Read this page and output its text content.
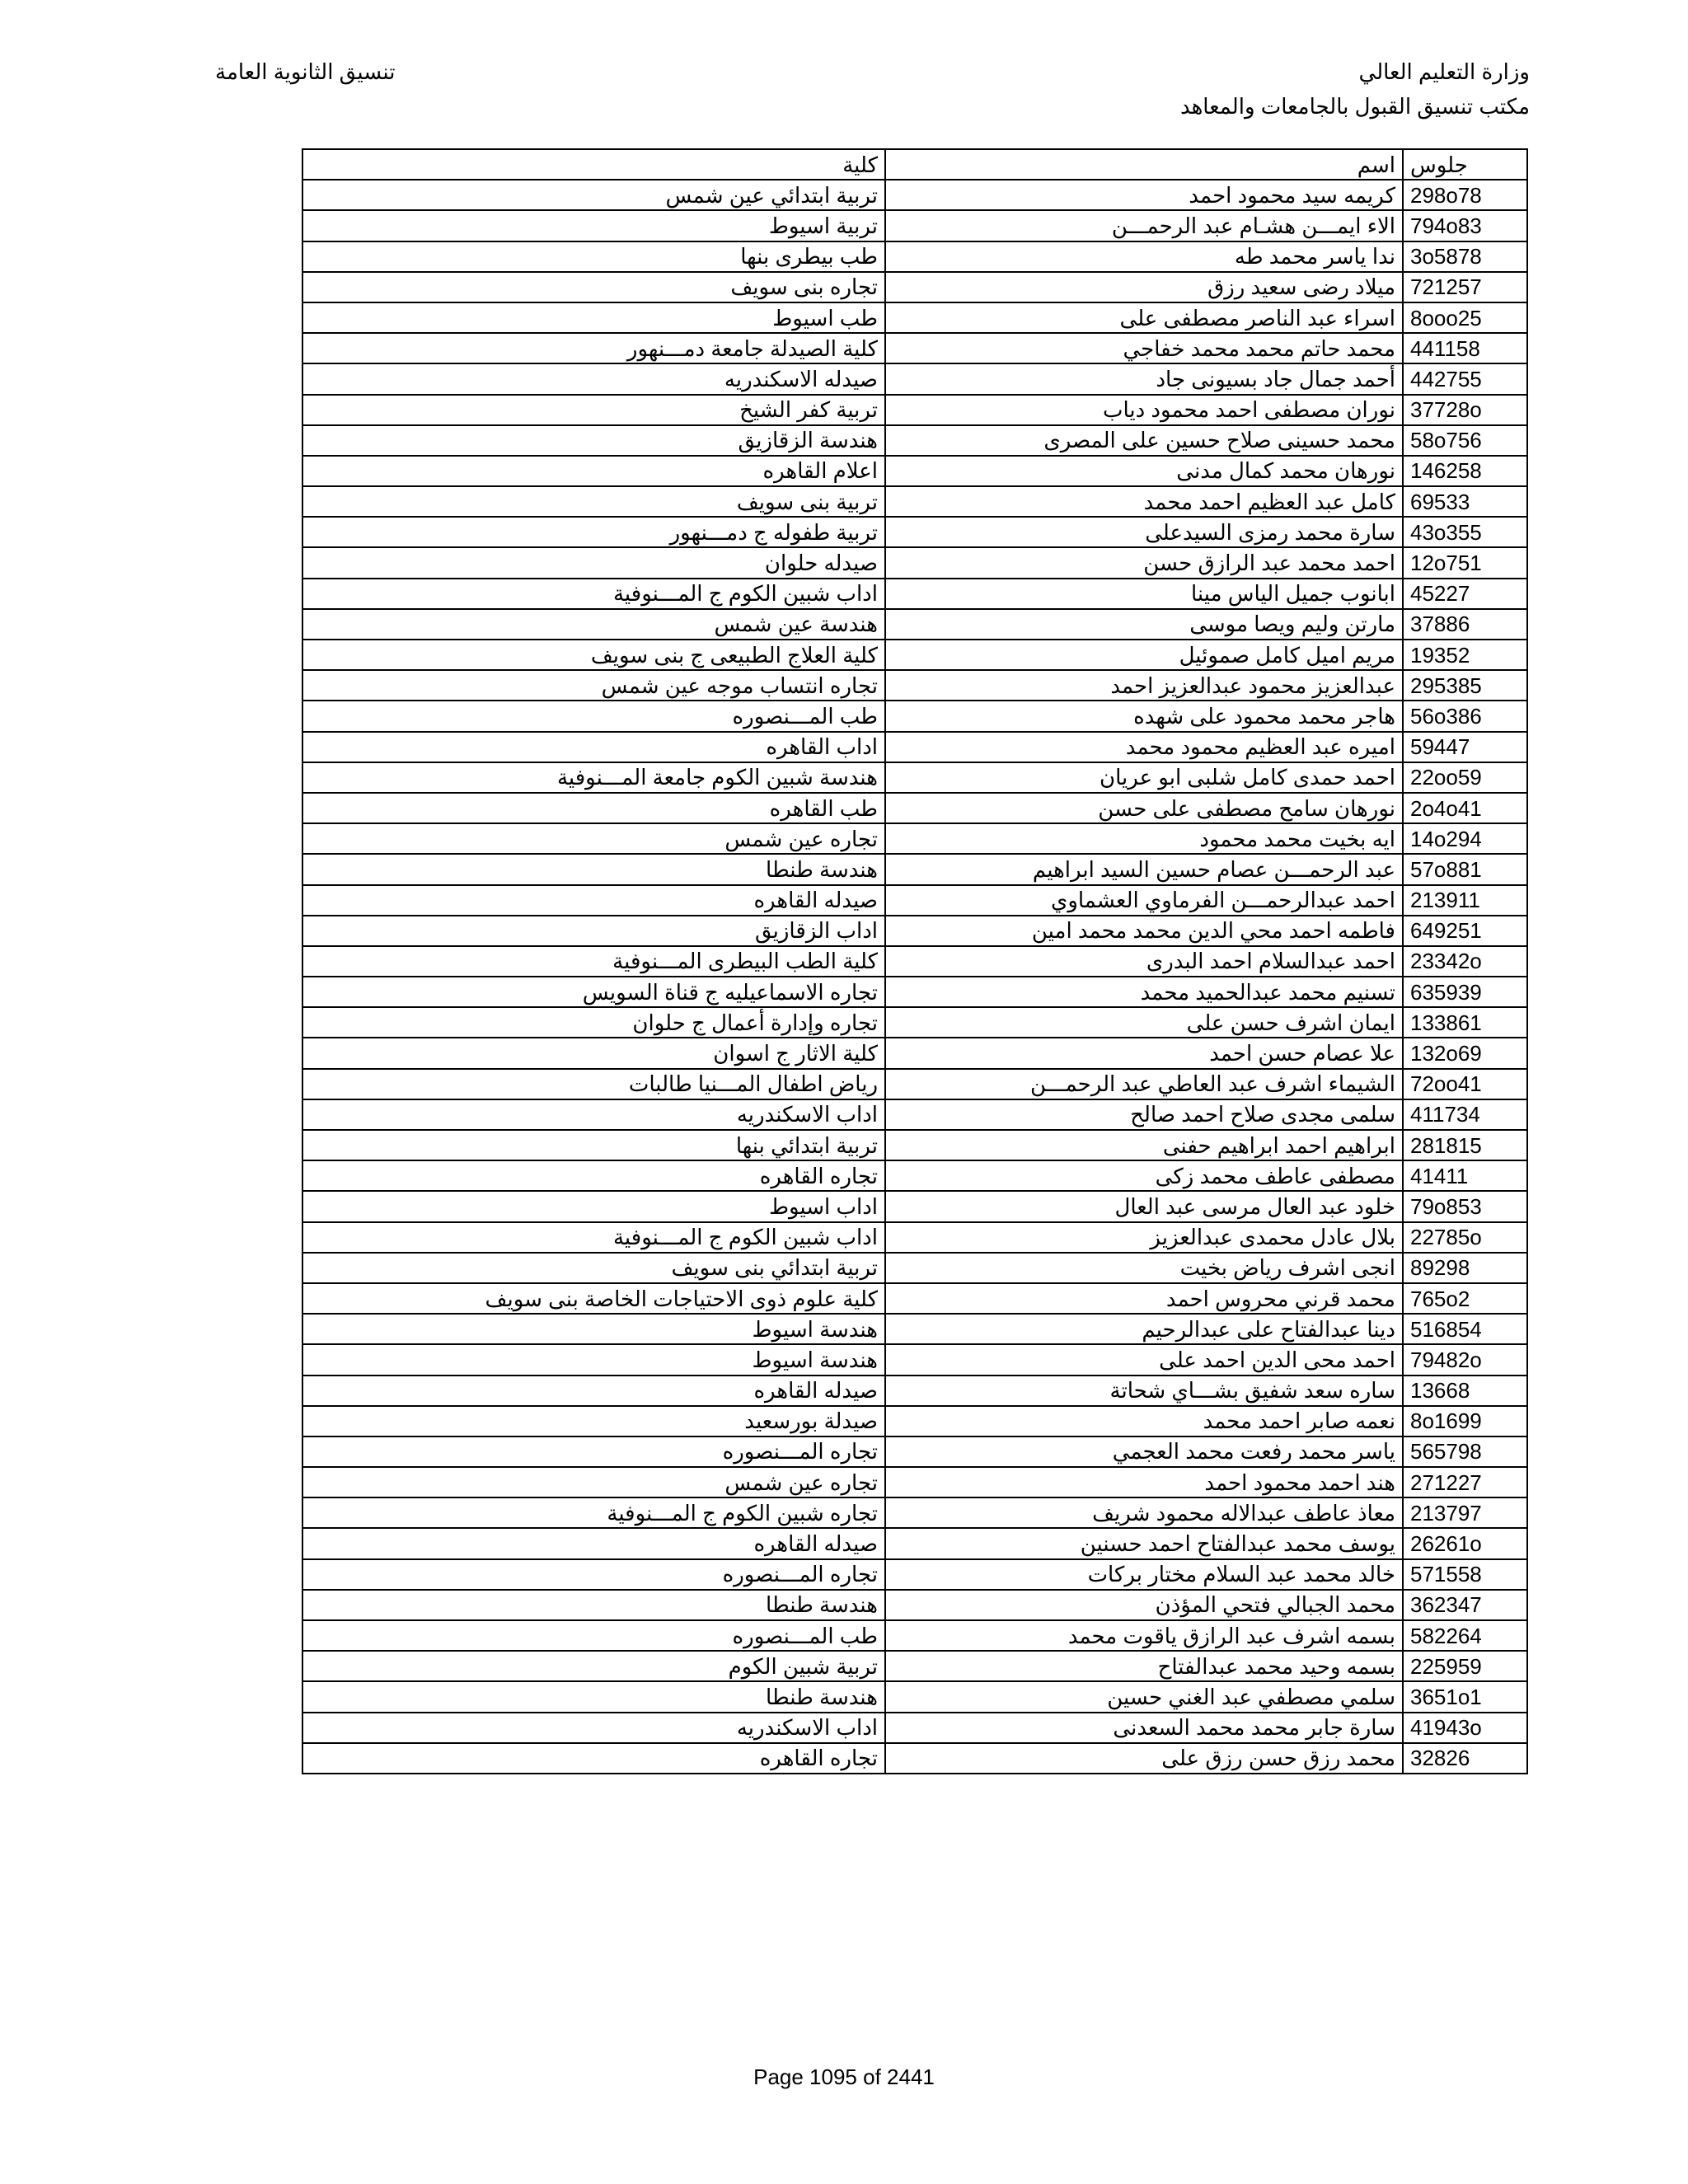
وزارة التعليم العالي
مكتب تنسيق القبول بالجامعات والمعاهد
تنسيق الثانوية العامة
كلية	اسم	جلوس
تربية ابتدائي عين شمس	كريمه سيد محمود احمد	298o78
تربية اسيوط	الاء ايمـــن هشـام عبد الرحمـــن	794o83
طب بيطرى بنها	ندا ياسر محمد طه	3o5878
تجاره بنى سويف	ميلاد رضى سعيد رزق	721257
طب اسيوط	اسراء عبد الناصر مصطفى على	8ooo25
كلية الصيدلة جامعة دمـــنهور	محمد حاتم محمد محمد خفاجي	441158
صيدله الاسكندريه	أحمد جمال جاد بسيونى جاد	442755
تربية كفر الشيخ	نوران مصطفى احمد محمود دياب	37728o
هندسة الزقازيق	محمد حسينى صلاح حسين على المصرى	58o756
اعلام القاهره	نورهان محمد كمال مدنى	146258
تربية بنى سويف	كامل عبد العظيم احمد محمد	69533
تربية طفوله ج دمـــنهور	سارة محمد رمزى السيدعلى	43o355
صيدله حلوان	احمد محمد عبد الرازق حسن	12o751
اداب شبين الكوم ج المـــنوفية	ابانوب جميل الياس مينا	45227
هندسة عين شمس	مارتن وليم ويصا موسى	37886
كلية العلاج الطبيعى ج بنى سويف	مريم اميل كامل صموئيل	19352
تجاره انتساب موجه عين شمس	عبدالعزيز محمود عبدالعزيز احمد	295385
طب المـــنصوره	هاجر محمد محمود على شهده	56o386
اداب القاهره	اميره عبد العظيم محمود محمد	59447
هندسة شبين الكوم جامعة المـــنوفية	احمد حمدى كامل شلبى ابو عريان	22oo59
طب القاهره	نورهان سامح مصطفى على حسن	2o4o41
تجاره عين شمس	ايه بخيت محمد محمود	14o294
هندسة طنطا	عبد الرحمـــن عصام حسين السيد ابراهيم	57o881
صيدله القاهره	احمد عبدالرحمـــن الفرماوي العشماوي	213911
اداب الزقازيق	فاطمه احمد محي الدين محمد محمد امين	649251
كلية الطب البيطرى المـــنوفية	احمد عبدالسلام احمد البدرى	23342o
تجاره الاسماعيليه ج قناة السويس	تسنيم محمد عبدالحميد محمد	635939
تجاره وإدارة أعمال ج حلوان	ايمان اشرف حسن على	133861
كلية الاثار ج اسوان	علا عصام حسن احمد	132o69
رياض اطفال المـــنيا طالبات	الشيماء اشرف عبد العاطي عبد الرحمـــن	72oo41
اداب الاسكندريه	سلمى مجدى صلاح احمد صالح	411734
تربية ابتدائي بنها	ابراهيم احمد ابراهيم حفنى	281815
تجاره القاهره	مصطفى عاطف محمد زكى	41411
اداب اسيوط	خلود عبد العال مرسى عبد العال	79o853
اداب شبين الكوم ج المـــنوفية	بلال عادل محمدى عبدالعزيز	22785o
تربية ابتدائي بنى سويف	انجى اشرف رياض بخيت	89298
كلية علوم ذوى الاحتياجات الخاصة بنى سويف	محمد قرني محروس احمد	765o2
هندسة اسيوط	دينا عبدالفتاح على عبدالرحيم	516854
هندسة اسيوط	احمد محى الدين احمد على	79482o
صيدله القاهره	ساره سعد شفيق بشـــاي شحاتة	13668
صيدلة بورسعيد	نعمه صابر احمد محمد	8o1699
تجاره المـــنصوره	ياسر محمد رفعت محمد العجمي	565798
تجاره عين شمس	هند احمد محمود احمد	271227
تجاره شبين الكوم ج المـــنوفية	معاذ عاطف عبدالاله محمود شريف	213797
صيدله القاهره	يوسف محمد عبدالفتاح احمد حسنين	26261o
تجاره المـــنصوره	خالد محمد عبد السلام مختار بركات	571558
هندسة طنطا	محمد الجبالي فتحي المؤذن	362347
طب المـــنصوره	بسمه اشرف عبد الرازق ياقوت محمد	582264
تربية شبين الكوم	بسمه وحيد محمد عبدالفتاح	225959
هندسة طنطا	سلمي مصطفي عبد الغني حسين	3651o1
اداب الاسكندريه	سارة جابر محمد محمد السعدنى	41943o
تجاره القاهره	محمد رزق حسن رزق على	32826
Page 1095 of 2441
